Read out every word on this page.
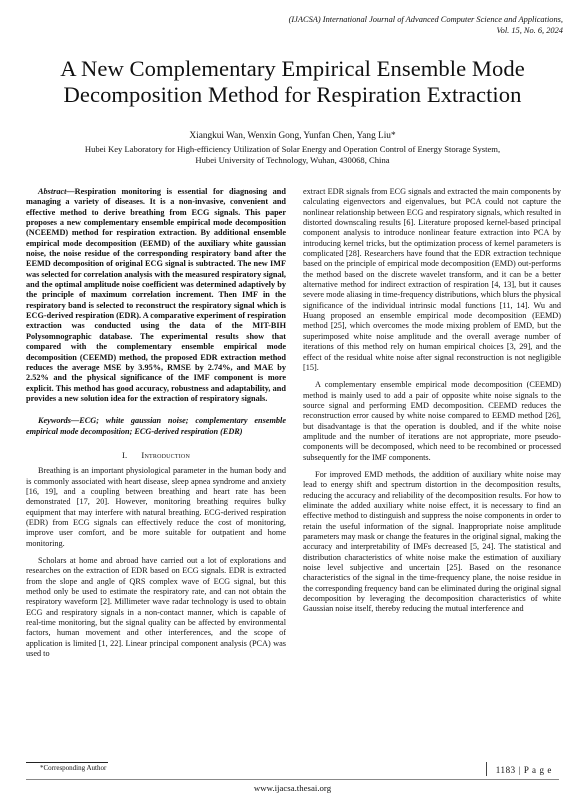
(IJACSA) International Journal of Advanced Computer Science and Applications,
Vol. 15, No. 6, 2024
A New Complementary Empirical Ensemble Mode
Decomposition Method for Respiration Extraction
Xiangkui Wan, Wenxin Gong, Yunfan Chen, Yang Liu*
Hubei Key Laboratory for High-efficiency Utilization of Solar Energy and Operation Control of Energy Storage System,
Hubei University of Technology, Wuhan, 430068, China

Abstract—Respiration monitoring is essential for diagnosing and managing a variety of diseases. It is a non-invasive, convenient and effective method to derive breathing from ECG signals. This paper proposes a new complementary ensemble empirical mode decomposition (NCEEMD) method for respiration extraction. By additional ensemble empirical mode decomposition (EEMD) of the auxiliary white gaussian noise, the noise residue of the corresponding respiratory band after the EEMD decomposition of original ECG signal is subtracted. The new IMF was selected for correlation analysis with the measured respiratory signal, and the optimal amplitude noise coefficient was determined adaptively by the principle of maximum correlation increment. Then IMF in the respiratory band is selected to reconstruct the respiratory signal which is ECG-derived respiration (EDR). A comparative experiment of respiration extraction was conducted using the data of the MIT-BIH Polysomnographic database. The experimental results show that compared with the complementary ensemble empirical mode decomposition (CEEMD) method, the proposed EDR extraction method reduces the average MSE by 3.95%, RMSE by 2.74%, and MAE by 2.52% and the physical significance of the IMF component is more explicit. This method has good accuracy, robustness and adaptability, and provides a new solution idea for the extraction of respiratory signals.

Keywords—ECG; white gaussian noise; complementary ensemble empirical mode decomposition; ECG-derived respiration (EDR)

I. Introduction

Breathing is an important physiological parameter in the human body and is commonly associated with heart disease, sleep apnea syndrome and anxiety [16, 19], and a coupling between breathing and heart rate has been demonstrated [17, 20]. However, monitoring breathing requires bulky equipment that may interfere with natural breathing. ECG-derived respiration (EDR) from ECG signals can effectively reduce the cost of monitoring, improve user comfort, and be more suitable for outpatient and home monitoring.

Scholars at home and abroad have carried out a lot of explorations and researches on the extraction of EDR based on ECG signals. EDR is extracted from the slope and angle of QRS complex wave of ECG signal, but this method only be used to estimate the respiratory rate, and can not obtain the respiratory waveform [2]. Millimeter wave radar technology is used to obtain ECG and respiratory signals in a non-contact manner, which is capable of real-time monitoring, but the signal quality can be affected by environmental factors, human movement and other interferences, and the scope of application is limited [1, 22]. Linear principal component analysis (PCA) was used to

extract EDR signals from ECG signals and extracted the main components by calculating eigenvectors and eigenvalues, but PCA could not capture the nonlinear relationship between ECG and respiratory signals, which resulted in distorted downscaling results [6]. Literature proposed kernel-based principal component analysis to introduce nonlinear feature extraction into PCA by introducing kernel tricks, but the optimization process of kernel parameters is complicated [28]. Researchers have found that the EDR extraction technique based on the principle of empirical mode decomposition (EMD) out-performs the method based on the discrete wavelet transform, and it can be a better alternative method for indirect extraction of respiration [4, 13], but it causes severe mode aliasing in time-frequency distributions, which blurs the physical significance of the individual intrinsic modal functions [11, 14]. Wu and Huang proposed an ensemble empirical mode decomposition (EEMD) method [25], which overcomes the mode mixing problem of EMD, but the superimposed white noise amplitude and the overall average number of iterations of this method rely on human empirical choices [3, 29], and the effect of the residual white noise after signal reconstruction is not negligible [15].

A complementary ensemble empirical mode decomposition (CEEMD) method is mainly used to add a pair of opposite white noise signals to the source signal and performing EMD decomposition. CEEMD reduces the reconstruction error caused by white noise compared to EEMD method [26], but disadvantage is that the operation is doubled, and if the white noise amplitude and the number of iterations are not appropriate, more pseudo-components will be decomposed, which need to be recombined or processed subsequently for the IMF components.

For improved EMD methods, the addition of auxiliary white noise may lead to energy shift and spectrum distortion in the decomposition results, reducing the accuracy and reliability of the decomposition results. For how to eliminate the added auxiliary white noise effect, it is necessary to find an effective method to distinguish and suppress the noise components in order to retain the useful information of the signal. Inappropriate noise amplitude parameters may mask or change the features in the original signal, making the accuracy and interpretability of IMFs decreased [5, 24]. The statistical and distribution characteristics of white noise make the estimation of auxiliary noise level subjective and uncertain [25]. Based on the resonance characteristics of the signal in the time-frequency plane, the noise residue in the corresponding frequency band can be eliminated during the original signal decomposition by leveraging the decomposition characteristics of white Gaussian noise itself, thereby reducing the mutual interference and

*Corresponding Author	1183 | P a g e
www.ijacsa.thesai.org
